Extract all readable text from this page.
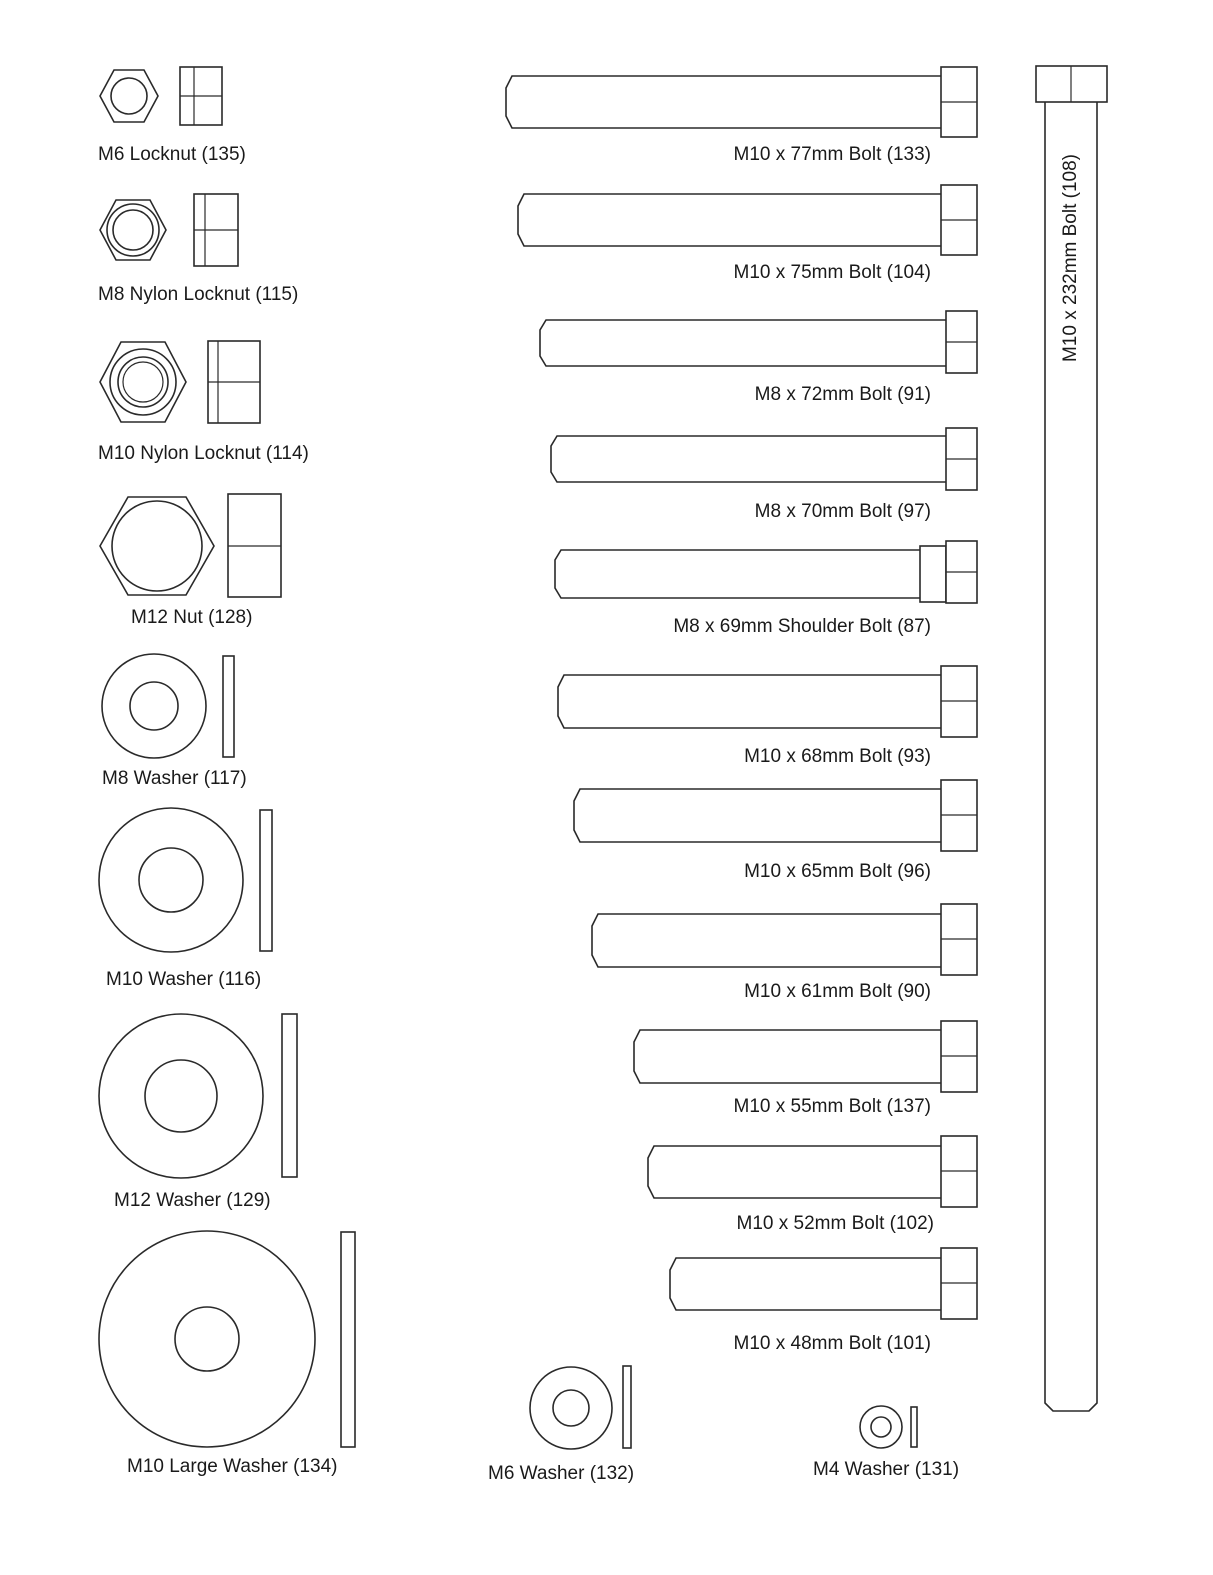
M6 Locknut (135)
M8 Nylon Locknut (115)
M10 Nylon Locknut (114)
M12 Nut (128)
M8 Washer (117)
M10 Washer (116)
M12 Washer (129)
M10 Large Washer (134)	M6 Washer (132)	M4 Washer (131)
M10 x 77mm Bolt (133)
M10 x 75mm Bolt (104)
M8 x 72mm Bolt (91)
M8 x 70mm Bolt (97)
M8 x 69mm Shoulder Bolt (87)
M10 x 68mm Bolt (93)
M10 x 65mm Bolt (96)
M10 x 61mm Bolt (90)
M10 x 55mm Bolt (137)
M10 x 52mm Bolt (102)
M10 x 48mm Bolt (101)
M10 x 232mm Bolt (108)
